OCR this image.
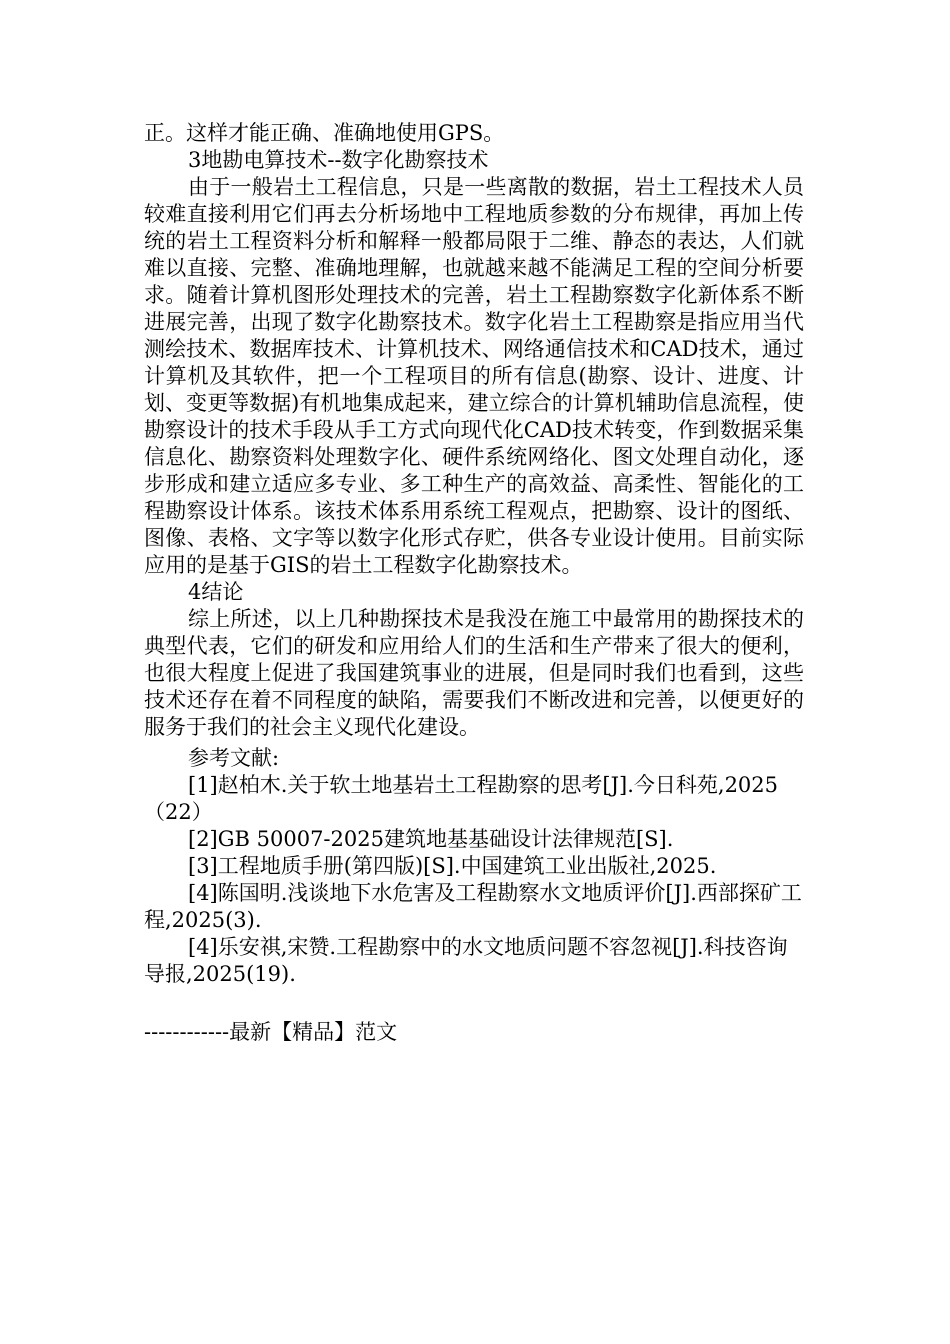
正。这样才能正确、准确地使用GPS。

3地勘电算技术--数字化勘察技术

由于一般岩土工程信息，只是一些离散的数据，岩土工程技术人员较难直接利用它们再去分析场地中工程地质参数的分布规律，再加上传统的岩土工程资料分析和解释一般都局限于二维、静态的表达，人们就难以直接、完整、准确地理解，也就越来越不能满足工程的空间分析要求。随着计算机图形处理技术的完善，岩土工程勘察数字化新体系不断进展完善，出现了数字化勘察技术。数字化岩土工程勘察是指应用当代测绘技术、数据库技术、计算机技术、网络通信技术和CAD技术，通过计算机及其软件，把一个工程项目的所有信息(勘察、设计、进度、计划、变更等数据)有机地集成起来，建立综合的计算机辅助信息流程，使勘察设计的技术手段从手工方式向现代化CAD技术转变，作到数据采集信息化、勘察资料处理数字化、硬件系统网络化、图文处理自动化，逐步形成和建立适应多专业、多工种生产的高效益、高柔性、智能化的工程勘察设计体系。该技术体系用系统工程观点，把勘察、设计的图纸、图像、表格、文字等以数字化形式存贮，供各专业设计使用。目前实际应用的是基于GIS的岩土工程数字化勘察技术。

4结论

综上所述，以上几种勘探技术是我没在施工中最常用的勘探技术的典型代表，它们的研发和应用给人们的生活和生产带来了很大的便利，也很大程度上促进了我国建筑事业的进展，但是同时我们也看到，这些技术还存在着不同程度的缺陷，需要我们不断改进和完善，以便更好的服务于我们的社会主义现代化建设。

参考文献:

[1]赵柏木.关于软土地基岩土工程勘察的思考[J].今日科苑,2025（22）

[2]GB 50007-2025建筑地基基础设计法律规范[S].

[3]工程地质手册(第四版)[S].中国建筑工业出版社,2025.

[4]陈国明.浅谈地下水危害及工程勘察水文地质评价[J].西部探矿工程,2025(3).

[4]乐安祺,宋赞.工程勘察中的水文地质问题不容忽视[J].科技咨询导报,2025(19).

------------最新【精品】范文
